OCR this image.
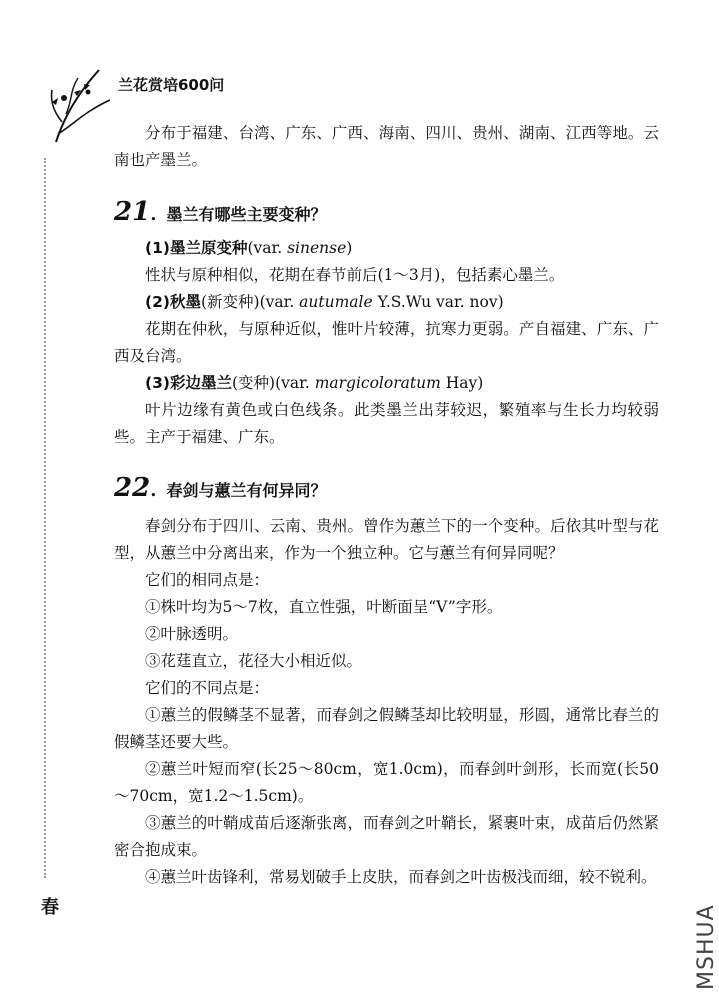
兰花赏培600问
春	MSHUA

分布于福建、台湾、广东、广西、海南、四川、贵州、湖南、江西等地。云南也产墨兰。

21 . 墨兰有哪些主要变种？

(1)墨兰原变种(var. sinense)

性状与原种相似，花期在春节前后(1～3月)，包括素心墨兰。

(2)秋墨(新变种)(var. autumale Y.S.Wu var. nov)

花期在仲秋，与原种近似，惟叶片较薄，抗寒力更弱。产自福建、广东、广西及台湾。

(3)彩边墨兰(变种)(var. margicoloratum Hay)

叶片边缘有黄色或白色线条。此类墨兰出芽较迟，繁殖率与生长力均较弱些。主产于福建、广东。

22 . 春剑与蕙兰有何异同？

春剑分布于四川、云南、贵州。曾作为蕙兰下的一个变种。后依其叶型与花型，从蕙兰中分离出来，作为一个独立种。它与蕙兰有何异同呢？

它们的相同点是：

①株叶均为5～7枚，直立性强，叶断面呈“V”字形。

②叶脉透明。

③花莛直立，花径大小相近似。

它们的不同点是：

①蕙兰的假鳞茎不显著，而春剑之假鳞茎却比较明显，形圆，通常比春兰的假鳞茎还要大些。

②蕙兰叶短而窄(长25～80cm，宽1.0cm)，而春剑叶剑形，长而宽(长50～70cm，宽1.2～1.5cm)。

③蕙兰的叶鞘成苗后逐渐张离，而春剑之叶鞘长，紧裹叶束，成苗后仍然紧密合抱成束。

④蕙兰叶齿锋利，常易划破手上皮肤，而春剑之叶齿极浅而细，较不锐利。
